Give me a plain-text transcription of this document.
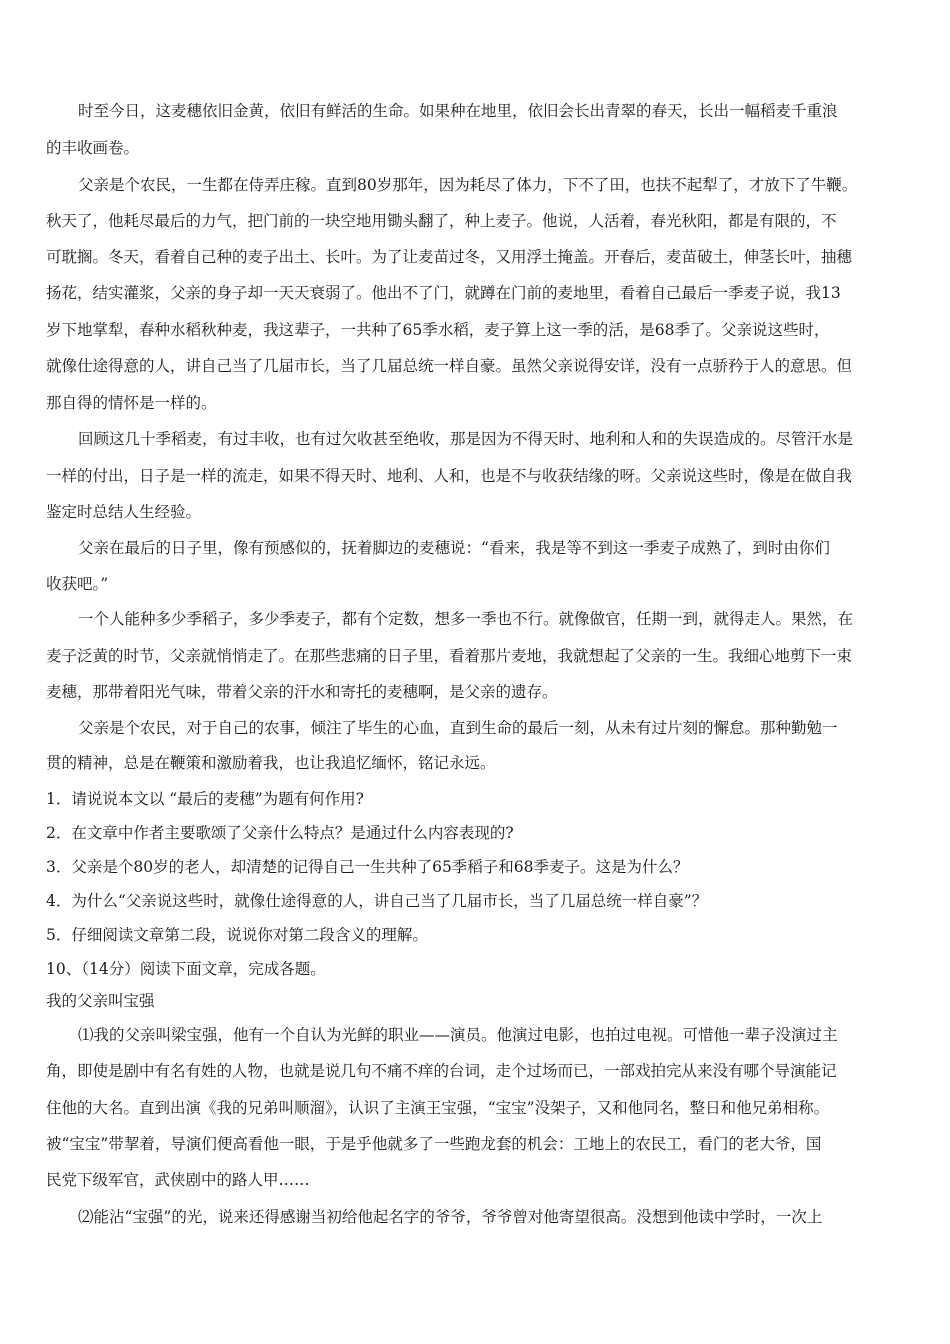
时至今日，这麦穗依旧金黄，依旧有鲜活的生命。如果种在地里，依旧会长出青翠的春天，长出一幅稻麦千重浪
的丰收画卷。
父亲是个农民，一生都在侍弄庄稼。直到80岁那年，因为耗尽了体力，下不了田，也扶不起犁了，才放下了牛鞭。
秋天了，他耗尽最后的力气，把门前的一块空地用锄头翻了，种上麦子。他说，人活着，春光秋阳，都是有限的，不
可耽搁。冬天，看着自己种的麦子出土、长叶。为了让麦苗过冬，又用浮土掩盖。开春后，麦苗破土，伸茎长叶，抽穗
扬花，结实灌浆，父亲的身子却一天天衰弱了。他出不了门，就蹲在门前的麦地里，看着自己最后一季麦子说，我13
岁下地掌犁，春种水稻秋种麦，我这辈子，一共种了65季水稻，麦子算上这一季的活，是68季了。父亲说这些时，
就像仕途得意的人，讲自己当了几届市长，当了几届总统一样自豪。虽然父亲说得安详，没有一点骄矜于人的意思。但
那自得的情怀是一样的。
回顾这几十季稻麦，有过丰收，也有过欠收甚至绝收，那是因为不得天时、地利和人和的失误造成的。尽管汗水是
一样的付出，日子是一样的流走，如果不得天时、地利、人和，也是不与收获结缘的呀。父亲说这些时，像是在做自我
鉴定时总结人生经验。
父亲在最后的日子里，像有预感似的，抚着脚边的麦穗说：“看来，我是等不到这一季麦子成熟了，到时由你们
收获吧。”
一个人能种多少季稻子，多少季麦子，都有个定数，想多一季也不行。就像做官，任期一到，就得走人。果然，在
麦子泛黄的时节，父亲就悄悄走了。在那些悲痛的日子里，看着那片麦地，我就想起了父亲的一生。我细心地剪下一束
麦穗，那带着阳光气味，带着父亲的汗水和寄托的麦穗啊，是父亲的遗存。
父亲是个农民，对于自己的农事，倾注了毕生的心血，直到生命的最后一刻，从未有过片刻的懈怠。那种勤勉一
贯的精神，总是在鞭策和激励着我，也让我追忆缅怀，铭记永远。
1．请说说本文以 “最后的麦穗”为题有何作用?
2．在文章中作者主要歌颂了父亲什么特点？是通过什么内容表现的?
3．父亲是个80岁的老人，却清楚的记得自己一生共种了65季稻子和68季麦子。这是为什么？
4．为什么“父亲说这些时，就像仕途得意的人，讲自己当了几届市长，当了几届总统一样自豪”？
5．仔细阅读文章第二段，说说你对第二段含义的理解。
10、（14分）阅读下面文章，完成各题。
我的父亲叫宝强
⑴我的父亲叫梁宝强，他有一个自认为光鲜的职业——演员。他演过电影，也拍过电视。可惜他一辈子没演过主
角，即使是剧中有名有姓的人物，也就是说几句不痛不痒的台词，走个过场而已，一部戏拍完从来没有哪个导演能记
住他的大名。直到出演《我的兄弟叫顺溜》，认识了主演王宝强，“宝宝”没架子，又和他同名，整日和他兄弟相称。
被“宝宝”带挈着，导演们便高看他一眼，于是乎他就多了一些跑龙套的机会：工地上的农民工，看门的老大爷，国
民党下级军官，武侠剧中的路人甲……
⑵能沾“宝强”的光，说来还得感谢当初给他起名字的爷爷，爷爷曾对他寄望很高。没想到他读中学时，一次上
